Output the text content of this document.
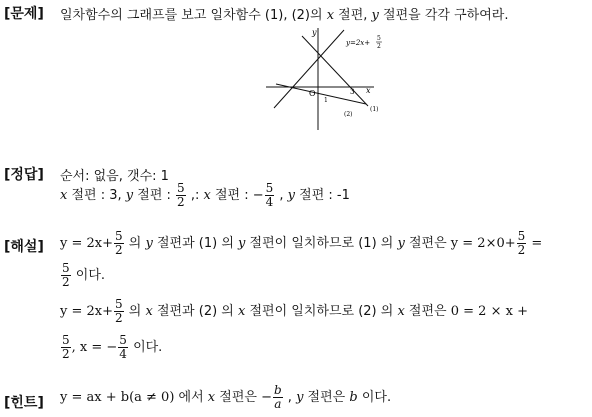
[문제] 일차함수의 그래프를 보고 일차함수 (1), (2)의 x 절편, y 절편을 각각 구하여라.
y
x
O	3
y=2x+
5
2
(1)
(2)
1
[정답] 순서: 없음, 갯수: 1
x 절편 : 3, y 절편 : $\frac{5}{2}$ ,: x 절편 : − $\frac{5}{4}$ , y 절편 : -1
[해설] $y = 2x+ \frac{5}{2}$ 의 y 절편과 (1) 의 y 절편이 일치하므로 (1) 의 y 절편은 $y = 2\times 0+ \frac{5}{2}$ =
$\frac{5}{2}$ 이다.
$y = 2x+ \frac{5}{2}$ 의 x 절편과 (2) 의 x 절편이 일치하므로 (2) 의 x 절편은 0 = 2 × x +
$\frac{5}{2}$ , x = − $\frac{5}{4}$ 이다.
[힌트] y = ax + b(a ≠ 0) 에서 x 절편은 − $\frac{b}{a}$ , y 절편은 b 이다.
